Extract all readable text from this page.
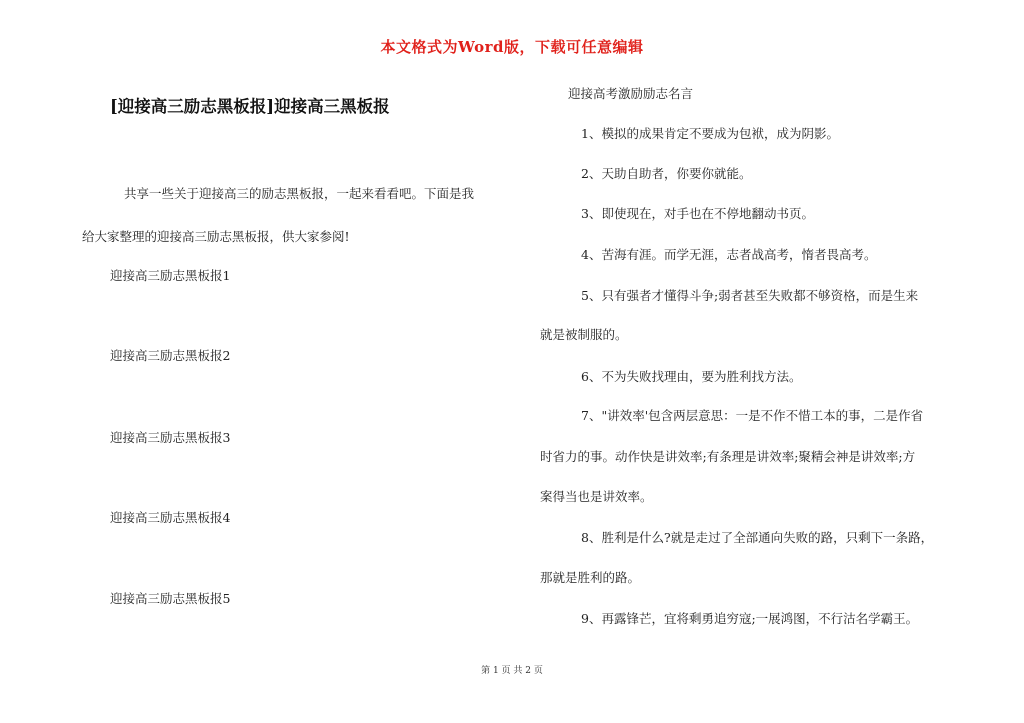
本文格式为Word版，下载可任意编辑
[迎接高三励志黑板报]迎接高三黑板报
共享一些关于迎接高三的励志黑板报，一起来看看吧。下面是我
给大家整理的迎接高三励志黑板报，供大家参阅!
迎接高三励志黑板报1
迎接高三励志黑板报2
迎接高三励志黑板报3
迎接高三励志黑板报4
迎接高三励志黑板报5
迎接高考激励励志名言
1、模拟的成果肯定不要成为包袱，成为阴影。
2、天助自助者，你要你就能。
3、即使现在，对手也在不停地翻动书页。
4、苦海有涯。而学无涯，志者战高考，惰者畏高考。
5、只有强者才懂得斗争;弱者甚至失败都不够资格，而是生来
就是被制服的。
6、不为失败找理由，要为胜利找方法。
7、"讲效率'包含两层意思：一是不作不惜工本的事，二是作省
时省力的事。动作快是讲效率;有条理是讲效率;聚精会神是讲效率;方
案得当也是讲效率。
8、胜利是什么?就是走过了全部通向失败的路，只剩下一条路，
那就是胜利的路。
9、再露锋芒，宜将剩勇追穷寇;一展鸿图，不行沽名学霸王。
第 1 页 共 2 页
